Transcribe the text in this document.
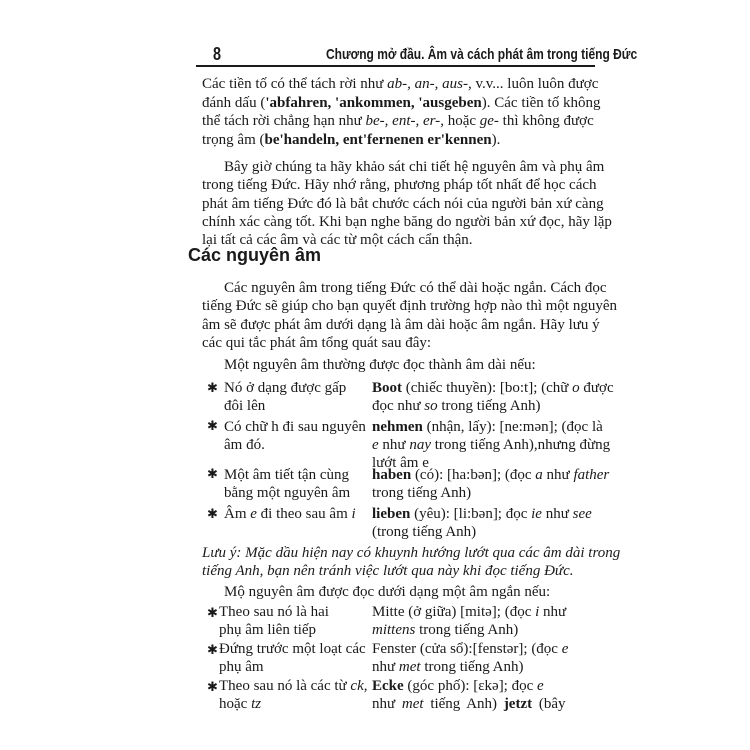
8	Chương mở đầu. Âm và cách phát âm trong tiếng Đức
Các tiền tố có thể tách rời như ab-, an-, aus-, v.v... luôn luôn được
đánh dấu ('abfahren, 'ankommen, 'ausgeben). Các tiền tố không
thể tách rời chẳng hạn như be-, ent-, er-, hoặc ge- thì không được
trọng âm (be'handeln, ent'fernenen er'kennen).
Bây giờ chúng ta hãy khảo sát chi tiết hệ nguyên âm và phụ âm
trong tiếng Đức. Hãy nhớ rằng, phương pháp tốt nhất để học cách
phát âm tiếng Đức đó là bắt chước cách nói của người bản xứ càng
chính xác càng tốt. Khi bạn nghe băng do người bản xứ đọc, hãy lặp
lại tất cả các âm và các từ một cách cẩn thận.
Các nguyên âm
Các nguyên âm trong tiếng Đức có thể dài hoặc ngắn. Cách đọc
tiếng Đức sẽ giúp cho bạn quyết định trường hợp nào thì một nguyên
âm sẽ được phát âm dưới dạng là âm dài hoặc âm ngắn. Hãy lưu ý
các qui tắc phát âm tổng quát sau đây:
Một nguyên âm thường được đọc thành âm dài nếu:
✱ Nó ở dạng được gấp
đôi lên
Boot (chiếc thuyền): [bo:t]; (chữ o được
đọc như so trong tiếng Anh)
✱ Có chữ h đi sau nguyên
âm đó.
nehmen (nhận, lấy): [ne:mən]; (đọc là
e như nay trong tiếng Anh),nhưng đừng
lướt âm e
✱ Một âm tiết tận cùng
bằng một nguyên âm
haben (có): [ha:bən]; (đọc a như father
trong tiếng Anh)
✱ Âm e đi theo sau âm i lieben (yêu): [li:bən]; đọc ie như see
(trong tiếng Anh)
Lưu ý: Mặc dầu hiện nay có khuynh hướng lướt qua các âm dài trong
tiếng Anh, bạn nên tránh việc lướt qua này khi đọc tiếng Đức.
Mộ nguyên âm được đọc dưới dạng một âm ngắn nếu:
✱ Theo sau nó là hai
phụ âm liên tiếp
Mitte (ở giữa) [mitə]; (đọc i như
mittens trong tiếng Anh)
✱ Đứng trước một loạt các
phụ âm
Fenster (cửa sổ):[fenstər]; (đọc e
như met trong tiếng Anh)
✱ Theo sau nó là các từ ck,
hoặc tz
Ecke (góc phố): [ɛkə]; đọc e
như met tiếng Anh) jetzt (bây
